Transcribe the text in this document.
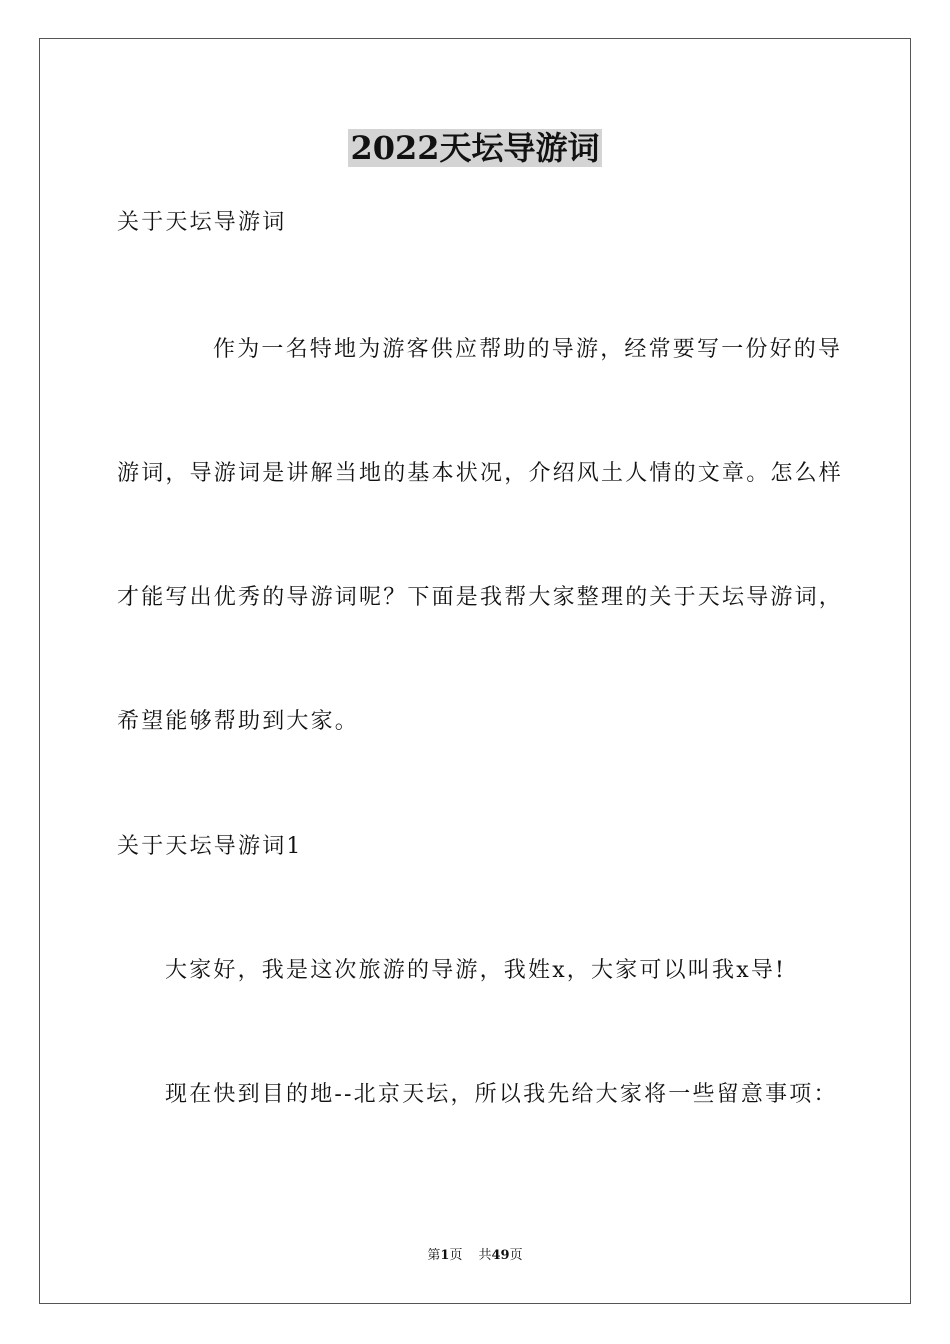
2022天坛导游词
关于天坛导游词
作为一名特地为游客供应帮助的导游，经常要写一份好的导
游词，导游词是讲解当地的基本状况，介绍风土人情的文章。怎么样
才能写出优秀的导游词呢？下面是我帮大家整理的关于天坛导游词，
希望能够帮助到大家。
关于天坛导游词1
大家好，我是这次旅游的导游，我姓x，大家可以叫我x导!
现在快到目的地--北京天坛，所以我先给大家将一些留意事项：
第1页 共49页
